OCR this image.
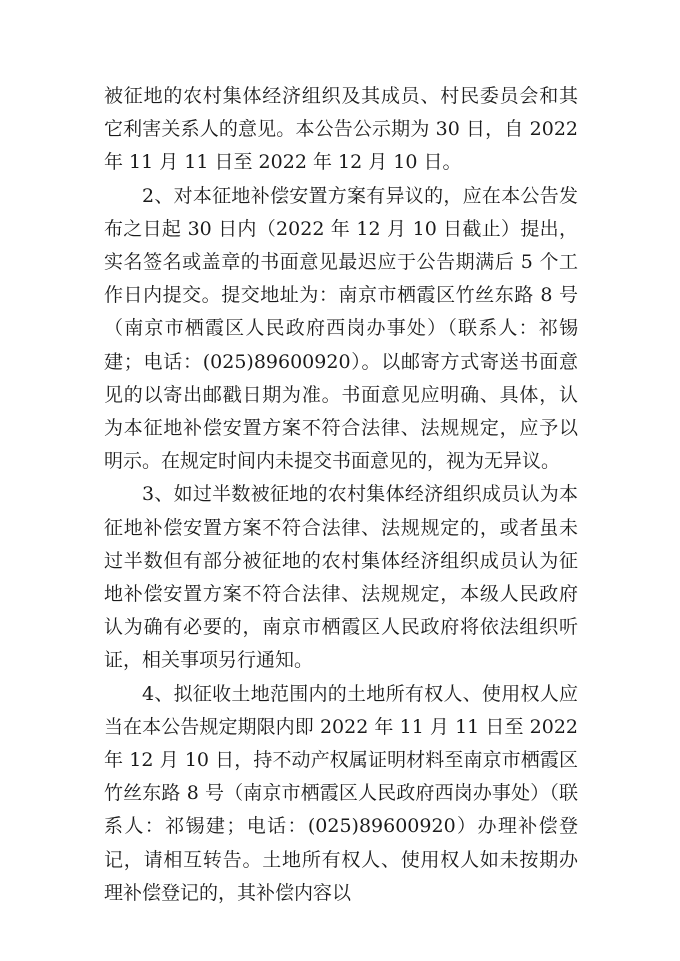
被征地的农村集体经济组织及其成员、村民委员会和其它利害关系人的意见。本公告公示期为 30 日，自 2022 年 11 月 11 日至 2022 年 12 月 10 日。

2、对本征地补偿安置方案有异议的，应在本公告发布之日起 30 日内（2022 年 12 月 10 日截止）提出，实名签名或盖章的书面意见最迟应于公告期满后 5 个工作日内提交。提交地址为：南京市栖霞区竹丝东路 8 号（南京市栖霞区人民政府西岗办事处）（联系人：祁锡建；电话：(025)89600920）。以邮寄方式寄送书面意见的以寄出邮戳日期为准。书面意见应明确、具体，认为本征地补偿安置方案不符合法律、法规规定，应予以明示。在规定时间内未提交书面意见的，视为无异议。

3、如过半数被征地的农村集体经济组织成员认为本征地补偿安置方案不符合法律、法规规定的，或者虽未过半数但有部分被征地的农村集体经济组织成员认为征地补偿安置方案不符合法律、法规规定，本级人民政府认为确有必要的，南京市栖霞区人民政府将依法组织听证，相关事项另行通知。

4、拟征收土地范围内的土地所有权人、使用权人应当在本公告规定期限内即 2022 年 11 月 11 日至 2022 年 12 月 10 日，持不动产权属证明材料至南京市栖霞区竹丝东路 8 号（南京市栖霞区人民政府西岗办事处）（联系人：祁锡建；电话：(025)89600920）办理补偿登记，请相互转告。土地所有权人、使用权人如未按期办理补偿登记的，其补偿内容以
